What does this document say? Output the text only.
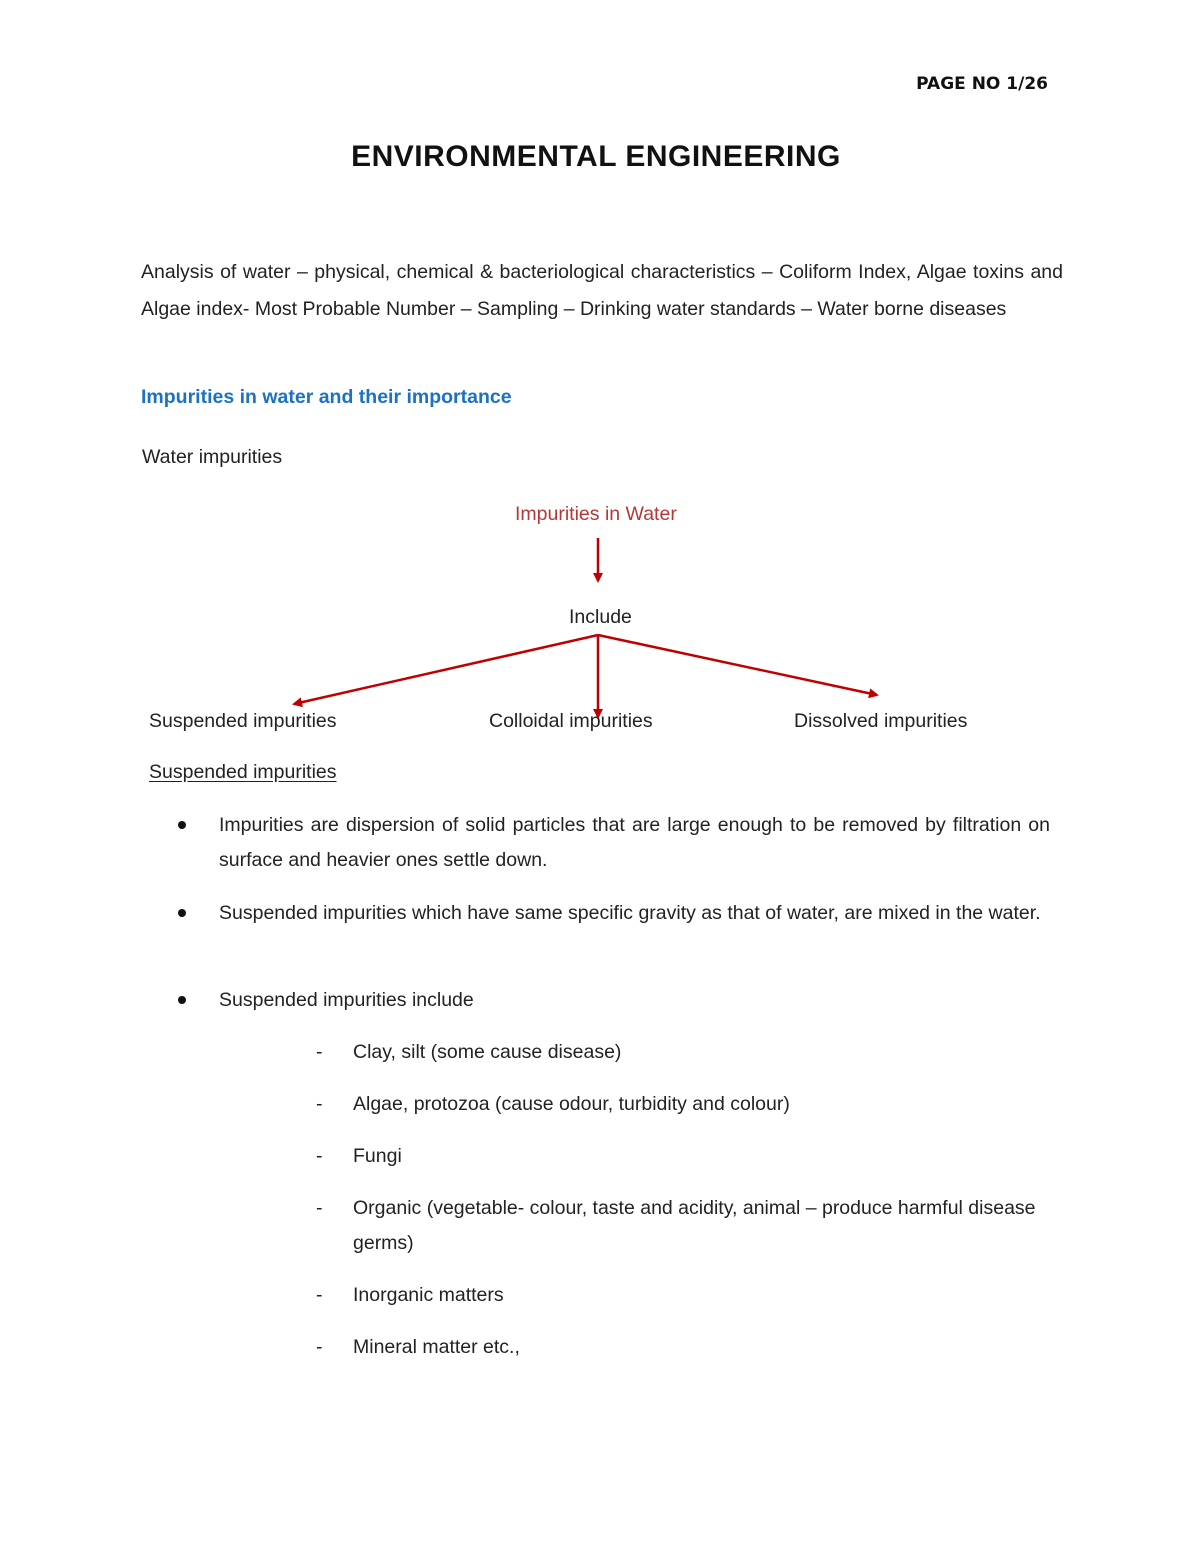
PAGE NO 1/26
ENVIRONMENTAL ENGINEERING
Analysis of water – physical, chemical & bacteriological characteristics – Coliform Index, Algae toxins and Algae index- Most Probable Number – Sampling – Drinking water standards – Water borne diseases
Impurities in water and their importance
Water impurities
Impurities in Water
Include
Suspended impurities	Colloidal impurities	Dissolved impurities
Suspended impurities
Impurities are dispersion of solid particles that are large enough to be removed by filtration on surface and heavier ones settle down.
Suspended impurities which have same specific gravity as that of water, are mixed in the water.
Suspended impurities include
- Clay, silt (some cause disease)
- Algae, protozoa (cause odour, turbidity and colour)
- Fungi
- Organic (vegetable- colour, taste and acidity, animal – produce harmful disease germs)
- Inorganic matters
- Mineral matter etc.,
